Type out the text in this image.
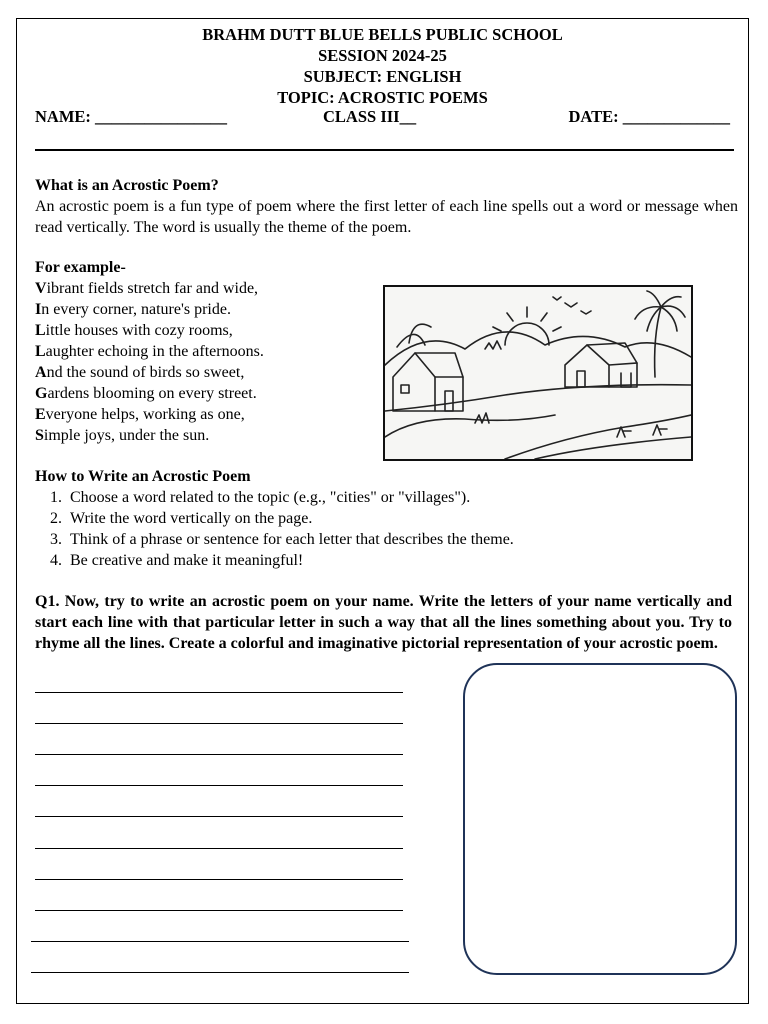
BRAHM DUTT BLUE BELLS PUBLIC SCHOOL
SESSION 2024-25
SUBJECT: ENGLISH
TOPIC: ACROSTIC POEMS
NAME: ________________	CLASS III__	DATE: _____________
What is an Acrostic Poem?
An acrostic poem is a fun type of poem where the first letter of each line spells out a word or message when read vertically. The word is usually the theme of the poem.
For example-
Vibrant fields stretch far and wide,
In every corner, nature's pride.
Little houses with cozy rooms,
Laughter echoing in the afternoons.
And the sound of birds so sweet,
Gardens blooming on every street.
Everyone helps, working as one,
Simple joys, under the sun.
How to Write an Acrostic Poem
1. Choose a word related to the topic (e.g., "cities" or "villages").
2. Write the word vertically on the page.
3. Think of a phrase or sentence for each letter that describes the theme.
4. Be creative and make it meaningful!
Q1. Now, try to write an acrostic poem on your name. Write the letters of your name vertically and start each line with that particular letter in such a way that all the lines something about you. Try to rhyme all the lines. Create a colorful and imaginative pictorial representation of your acrostic poem.
